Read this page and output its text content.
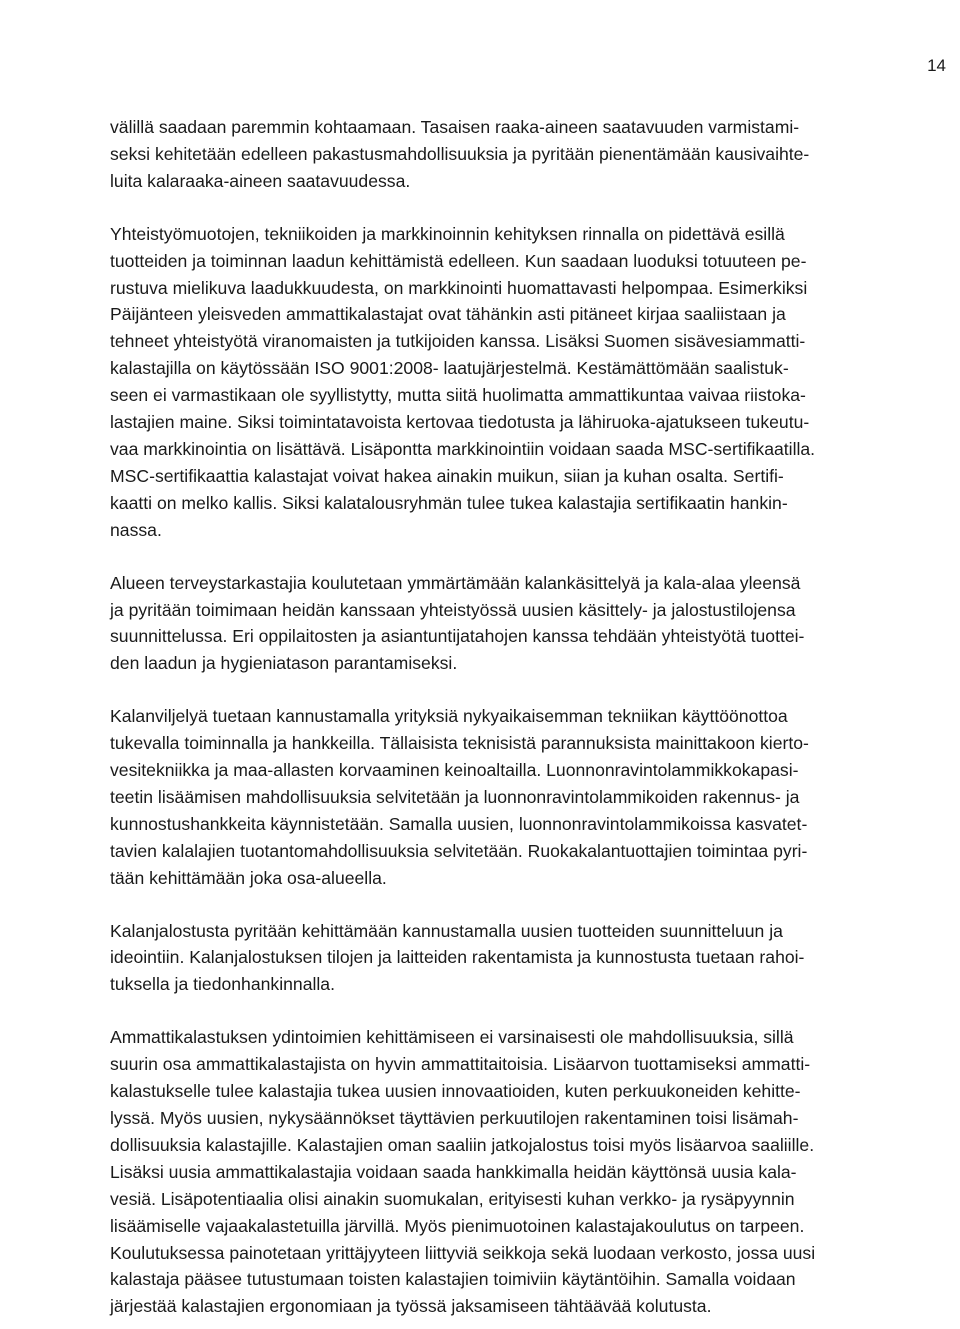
14

välillä saadaan paremmin kohtaamaan. Tasaisen raaka-aineen saatavuuden varmistami-
seksi kehitetään edelleen pakastusmahdollisuuksia ja pyritään pienentämään kausivaihte-
luita kalaraaka-aineen saatavuudessa.

Yhteistyömuotojen, tekniikoiden ja markkinoinnin kehityksen rinnalla on pidettävä esillä
tuotteiden ja toiminnan laadun kehittämistä edelleen. Kun saadaan luoduksi totuuteen pe-
rustuva mielikuva laadukkuudesta, on markkinointi huomattavasti helpompaa. Esimerkiksi
Päijänteen yleisveden ammattikalastajat ovat tähänkin asti pitäneet kirjaa saaliistaan ja
tehneet yhteistyötä viranomaisten ja tutkijoiden kanssa. Lisäksi Suomen sisävesiammatti-
kalastajilla on käytössään ISO 9001:2008- laatujärjestelmä. Kestämättömään saalistuk-
seen ei varmastikaan ole syyllistytty, mutta siitä huolimatta ammattikuntaa vaivaa riistoka-
lastajien maine. Siksi toimintatavoista kertovaa tiedotusta ja lähiruoka-ajatukseen tukeutu-
vaa markkinointia on lisättävä. Lisäpontta markkinointiin voidaan saada MSC-sertifikaatilla.
MSC-sertifikaattia kalastajat voivat hakea ainakin muikun, siian ja kuhan osalta. Sertifi-
kaatti on melko kallis. Siksi kalatalousryhmän tulee tukea kalastajia sertifikaatin hankin-
nassa.

Alueen terveystarkastajia koulutetaan ymmärtämään kalankäsittelyä ja kala-alaa yleensä
ja pyritään toimimaan heidän kanssaan yhteistyössä uusien käsittely- ja jalostustilojensa
suunnittelussa. Eri oppilaitosten ja asiantuntijatahojen kanssa tehdään yhteistyötä tuottei-
den laadun ja hygieniatason parantamiseksi.

Kalanviljelyä tuetaan kannustamalla yrityksiä nykyaikaisemman tekniikan käyttöönottoa
tukevalla toiminnalla ja hankkeilla. Tällaisista teknisistä parannuksista mainittakoon kierto-
vesitekniikka ja maa-allasten korvaaminen keinoaltailla. Luonnonravintolammikkokapasi-
teetin lisäämisen mahdollisuuksia selvitetään ja luonnonravintolammikoiden rakennus- ja
kunnostushankkeita käynnistetään. Samalla uusien, luonnonravintolammikoissa kasvatet-
tavien kalalajien tuotantomahdollisuuksia selvitetään. Ruokakalantuottajien toimintaa pyri-
tään kehittämään joka osa-alueella.

Kalanjalostusta pyritään kehittämään kannustamalla uusien tuotteiden suunnitteluun ja
ideointiin. Kalanjalostuksen tilojen ja laitteiden rakentamista ja kunnostusta tuetaan rahoi-
tuksella ja tiedonhankinnalla.

Ammattikalastuksen ydintoimien kehittämiseen ei varsinaisesti ole mahdollisuuksia, sillä
suurin osa ammattikalastajista on hyvin ammattitaitoisia. Lisäarvon tuottamiseksi ammatti-
kalastukselle tulee kalastajia tukea uusien innovaatioiden, kuten perkuukoneiden kehitte-
lyssä. Myös uusien, nykysäännökset täyttävien perkuutilojen rakentaminen toisi lisämah-
dollisuuksia kalastajille. Kalastajien oman saaliin jatkojalostus toisi myös lisäarvoa saaliille.
Lisäksi uusia ammattikalastajia voidaan saada hankkimalla heidän käyttönsä uusia kala-
vesiä. Lisäpotentiaalia olisi ainakin suomukalan, erityisesti kuhan verkko- ja rysäpyynnin
lisäämiselle vajaakalastetuilla järvillä. Myös pienimuotoinen kalastajakoulutus on tarpeen.
Koulutuksessa painotetaan yrittäjyyteen liittyviä seikkoja sekä luodaan verkosto, jossa uusi
kalastaja pääsee tutustumaan toisten kalastajien toimiviin käytäntöihin. Samalla voidaan
järjestää kalastajien ergonomiaan ja työssä jaksamiseen tähtäävää kolutusta.
